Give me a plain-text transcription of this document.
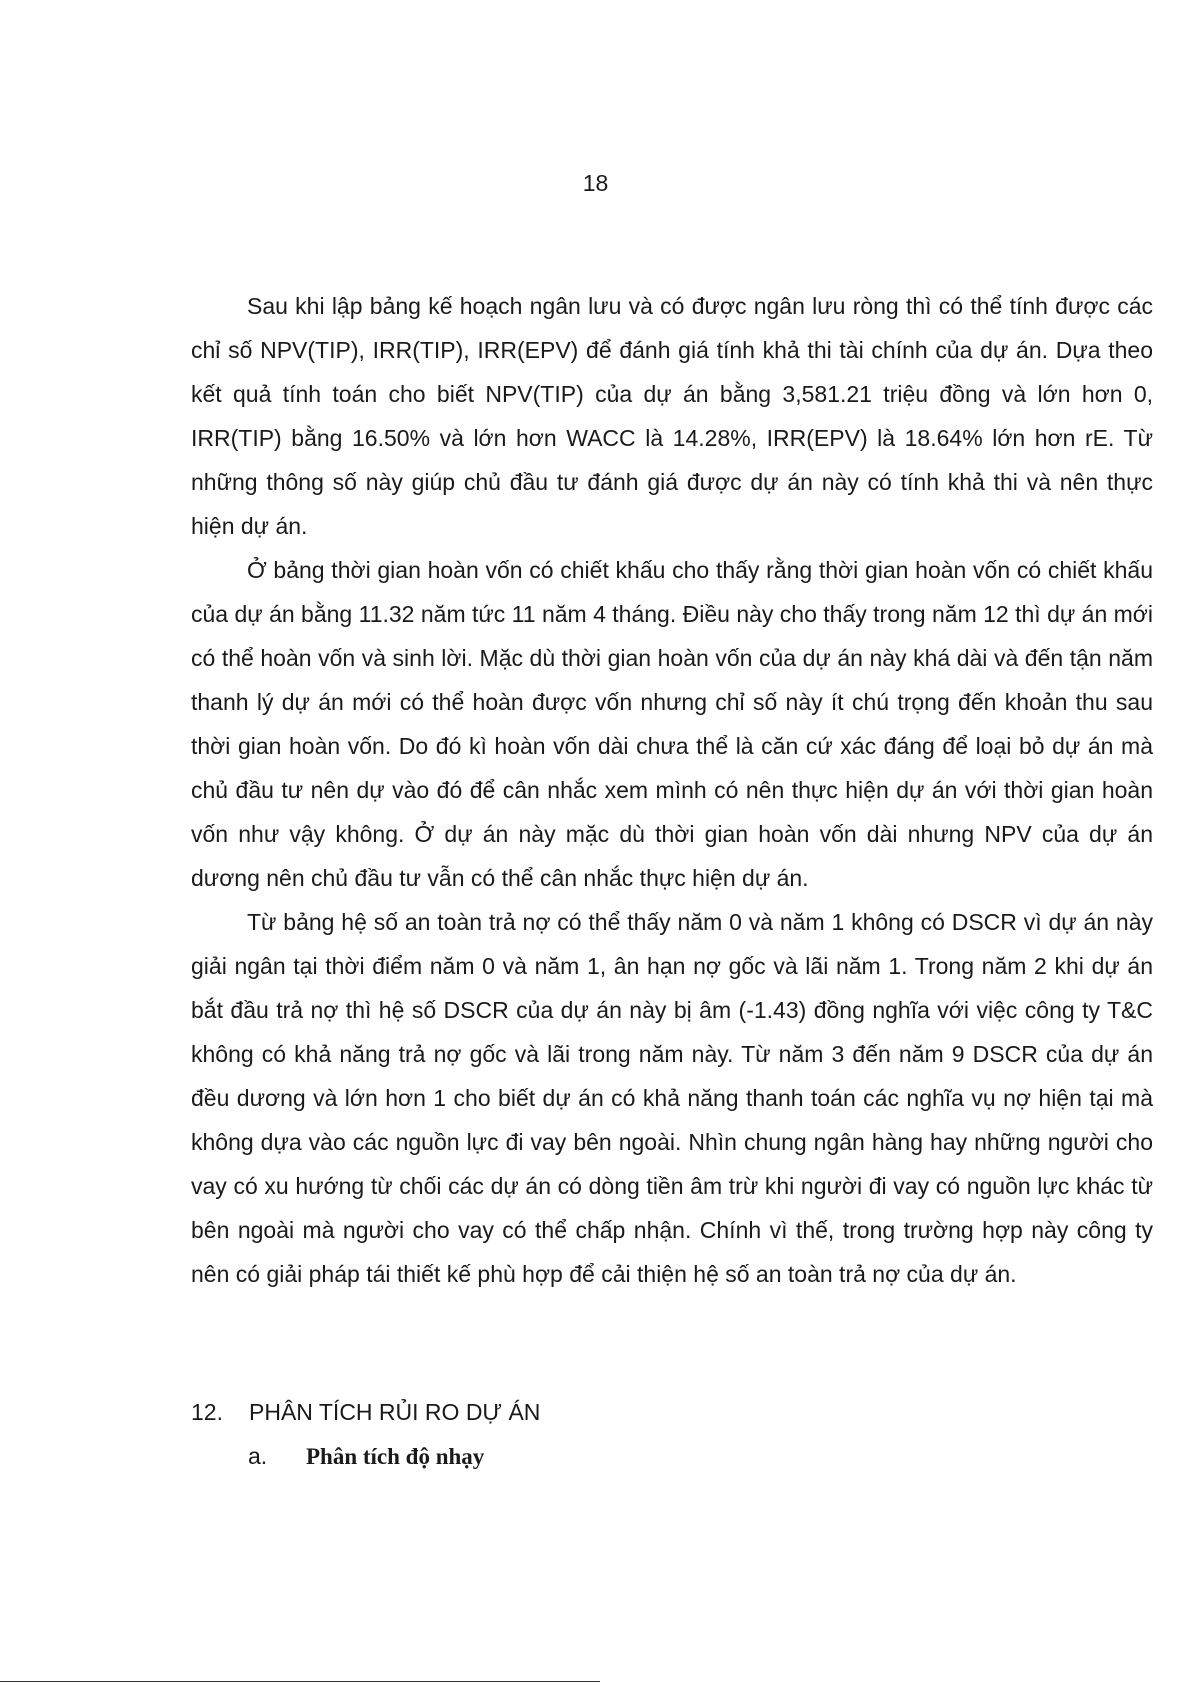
18

Sau khi lập bảng kế hoạch ngân lưu và có được ngân lưu ròng thì có thể tính được các chỉ số NPV(TIP), IRR(TIP), IRR(EPV) để đánh giá tính khả thi tài chính của dự án. Dựa theo kết quả tính toán cho biết NPV(TIP) của dự án bằng 3,581.21 triệu đồng và lớn hơn 0, IRR(TIP) bằng 16.50% và lớn hơn WACC là 14.28%, IRR(EPV) là 18.64% lớn hơn rE. Từ những thông số này giúp chủ đầu tư đánh giá được dự án này có tính khả thi và nên thực hiện dự án.

Ở bảng thời gian hoàn vốn có chiết khấu cho thấy rằng thời gian hoàn vốn có chiết khấu của dự án bằng 11.32 năm tức 11 năm 4 tháng. Điều này cho thấy trong năm 12 thì dự án mới có thể hoàn vốn và sinh lời. Mặc dù thời gian hoàn vốn của dự án này khá dài và đến tận năm thanh lý dự án mới có thể hoàn được vốn nhưng chỉ số này ít chú trọng đến khoản thu sau thời gian hoàn vốn. Do đó kì hoàn vốn dài chưa thể là căn cứ xác đáng để loại bỏ dự án mà chủ đầu tư nên dự vào đó để cân nhắc xem mình có nên thực hiện dự án với thời gian hoàn vốn như vậy không. Ở dự án này mặc dù thời gian hoàn vốn dài nhưng NPV của dự án dương nên chủ đầu tư vẫn có thể cân nhắc thực hiện dự án.

Từ bảng hệ số an toàn trả nợ có thể thấy năm 0 và năm 1 không có DSCR vì dự án này giải ngân tại thời điểm năm 0 và năm 1, ân hạn nợ gốc và lãi năm 1. Trong năm 2 khi dự án bắt đầu trả nợ thì hệ số DSCR của dự án này bị âm (-1.43) đồng nghĩa với việc công ty T&C không có khả năng trả nợ gốc và lãi trong năm này. Từ năm 3 đến năm 9 DSCR của dự án đều dương và lớn hơn 1 cho biết dự án có khả năng thanh toán các nghĩa vụ nợ hiện tại mà không dựa vào các nguồn lực đi vay bên ngoài. Nhìn chung ngân hàng hay những người cho vay có xu hướng từ chối các dự án có dòng tiền âm trừ khi người đi vay có nguồn lực khác từ bên ngoài mà người cho vay có thể chấp nhận. Chính vì thế, trong trường hợp này công ty nên có giải pháp tái thiết kế phù hợp để cải thiện hệ số an toàn trả nợ của dự án.

12. PHÂN TÍCH RỦI RO DỰ ÁN
a. Phân tích độ nhạy
